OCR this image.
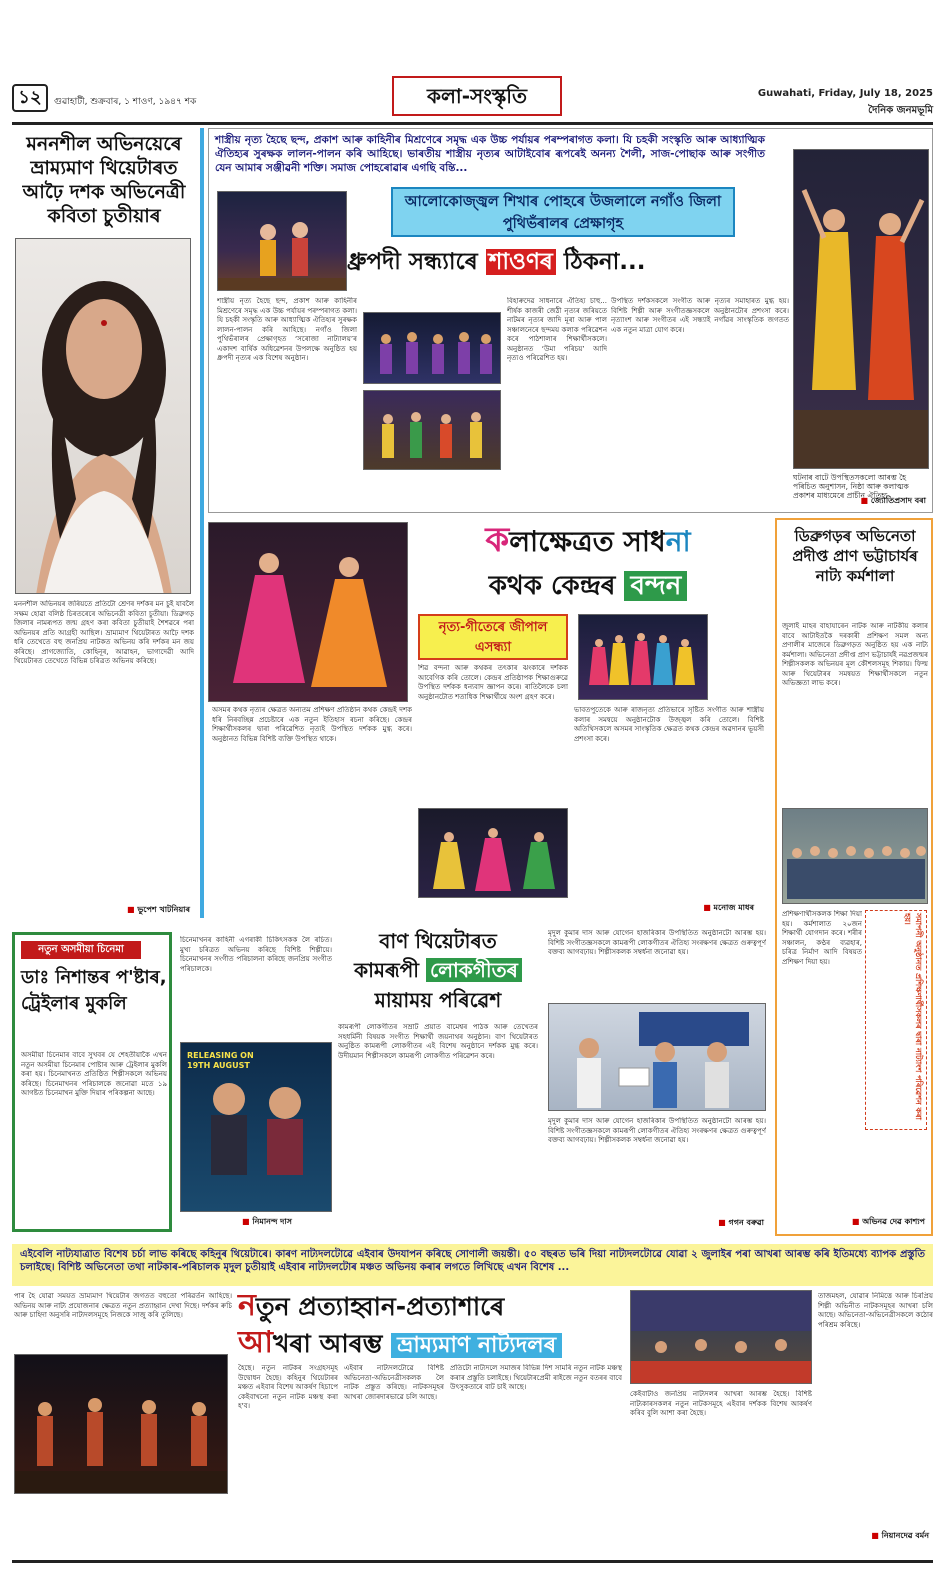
১২	গুৱাহাটী, শুক্ৰবাৰ, ১ শাওণ, ১৯৪৭ শক	কলা-সংস্কৃতি	Guwahati, Friday, July 18, 2025
দৈনিক জনমভূমি
মননশীল অভিনয়েৰে ভ্ৰাম্যমাণ থিয়েটাৰত আঢ়ৈ দশক অভিনেত্ৰী কবিতা চুতীয়াৰ
মননশীল অভিনয়ৰ জৰিয়তে প্ৰতিটো শ্ৰেণৰ দৰ্শকৰ মন চুই যাবলৈ সক্ষম হোৱা বলিষ্ঠ চিৰতৰেৰে অভিনেত্ৰী কবিতা চুতীয়া। ডিব্ৰুগড় জিলাৰ নামৰূপত জন্ম গ্ৰহণ কৰা কবিতা চুতীয়াই শৈশৱৰে পৰা অভিনয়ৰ প্ৰতি আগ্ৰহী আছিল। ভ্ৰাম্যমাণ থিয়েটাৰত আঢ়ৈ দশক ধৰি তেখেতে বহু জনপ্ৰিয় নাটকত অভিনয় কৰি দৰ্শকৰ মন জয় কৰিছে। প্ৰাগজ্যোতি, কোহিনূৰ, আৱাহন, ভাগ্যদেৱী আদি থিয়েটাৰত তেখেতে বিভিন্ন চৰিত্ৰত অভিনয় কৰিছে।
■ ভুপেশ খাটনিয়াৰ
শাস্ত্ৰীয় নৃত্য হৈছে ছন্দ, প্ৰকাশ আৰু কাহিনীৰ মিশ্ৰণেৰে সমৃদ্ধ এক উচ্চ পৰ্যায়ৰ পৰম্পৰাগত কলা। যি চহকী সংস্কৃতি আৰু আধ্যাত্মিক ঐতিহ্যৰ সুৰক্ষক লালন-পালন কৰি আহিছে। ভাৰতীয় শাস্ত্ৰীয় নৃত্যৰ আটাইবোৰ ৰূপৰেই অনন্য শৈলী, সাজ-পোছাক আৰু সংগীত যেন আমাৰ সঞ্জীৱনী শক্তি। সমাজ পোহৰোৱাৰ এগছি বন্তি...
আলোকোজ্জ্বল শিখাৰ পোহৰে উজলালে নগাঁও জিলা পুথিভঁৰালৰ প্ৰেক্ষাগৃহ
ধ্ৰুপদী সন্ধ্যাৰে শাওণৰ ঠিকনা...
শাস্ত্ৰীয় নৃত্য হৈছে ছন্দ, প্ৰকাশ আৰু কাহিনীৰ মিশ্ৰণেৰে সমৃদ্ধ এক উচ্চ পৰ্যায়ৰ পৰম্পৰাগত কলা। যি চহকী সংস্কৃতি আৰু আধ্যাত্মিক ঐতিহ্যৰ সুৰক্ষক লালন-পালন কৰি আহিছে। নগাঁও জিলা পুথিভঁৰালৰ প্ৰেক্ষাগৃহত ‘সৰোজা নাট্যালয়’ৰ একাদশ বাৰ্ষিক অধিৱেশনৰ উপলক্ষে অনুষ্ঠিত হয় ধ্ৰুপদী নৃত্যৰ এক বিশেষ অনুষ্ঠান।
বিহাৰুদেৱ সাধনাৰে ঐতিহ্য চাহু... শীৰ্ষক কাজৰী জেঠী নৃত্যৰ জৰিয়তে নাটমৰ নৃত্যৰ জাদি মূৰা আৰু পাল সঞ্চালনেৰে ছন্দময় কলাক পৰিৱেশন কৰে পাঠশালাৰ শিক্ষাৰ্থীসকলে। অনুষ্ঠানত ‘উমা পৰিচয়’ আদি নৃত্যও পৰিৱেশিত হয়।
উপস্থিত দৰ্শকসকলে সংগীত আৰু নৃত্যৰ সমাহাৰত মুগ্ধ হয়। বিশিষ্ট শিল্পী আৰু সংগীতজ্ঞসকলে অনুষ্ঠানটোৰ প্ৰশংসা কৰে। নৃত্যাংশ আৰু সংগীতৰ এই সন্ধ্যাই নগাঁৱৰ সাংস্কৃতিক জগতত এক নতুন মাত্ৰা যোগ কৰে।
ঘটনাৰ বাটে উপস্থিতসকলো আৰম্ভ হৈ পৰিচিত অনুশাসন, নিষ্ঠা আৰু কলাত্মক প্ৰকাশৰ মাধ্যমেৰে প্ৰাচীন ঐতিহ্য
■ জ্যোতিপ্ৰসাদ বৰা
কলাক্ষেত্ৰত সাধনা
কথক কেন্দ্ৰৰ বন্দন
নৃত্য-গীতেৰে জীপাল এসন্ধ্যা
অসমৰ কথক নৃত্যৰ ক্ষেত্ৰত অন্যতম প্ৰশিক্ষণ প্ৰতিষ্ঠান কথক কেন্দ্ৰই দশক ধৰি নিৰবচ্ছিন্ন প্ৰচেষ্টাৰে এক নতুন ইতিহাস ৰচনা কৰিছে। কেন্দ্ৰৰ শিক্ষাৰ্থীসকলৰ দ্বাৰা পৰিৱেশিত নৃত্যই উপস্থিত দৰ্শকক মুগ্ধ কৰে। অনুষ্ঠানত বিভিন্ন বিশিষ্ট ব্যক্তি উপস্থিত থাকে।
শিৱ বন্দনা আৰু কথকৰ তৎকাৰ ঝংকাৰে দৰ্শকক আবেগিক কৰি তোলে। কেন্দ্ৰৰ প্ৰতিষ্ঠাপক শিক্ষাগুৰুৱে উপস্থিত দৰ্শকক ধন্যবাদ জ্ঞাপন কৰে। ৰাতিলৈকে চলা অনুষ্ঠানটোত শতাধিক শিক্ষাৰ্থীয়ে অংশ গ্ৰহণ কৰে।
ভাবতপুতেকে আৰু ৰাজনৃত্য প্ৰতিভাৰে সৃষ্টিত সংগীত আৰু শাস্ত্ৰীয় কলাৰ সমন্বয়ে অনুষ্ঠানটোক উজ্জ্বল কৰি তোলে। বিশিষ্ট অতিথিসকলে অসমৰ সাংস্কৃতিক ক্ষেত্ৰত কথক কেন্দ্ৰৰ অৱদানৰ ভূয়সী প্ৰশংসা কৰে।
■ মনোজ মাধৰ
ডিব্ৰুগড়ৰ অভিনেতা প্ৰদীপ্ত প্ৰাণ ভট্টাচাৰ্যৰ নাট্য কৰ্মশালা
জুলাই মাহৰ বাহাযাৰেন নাটক আৰু নাটকীয় কলাৰ বাবে আটাইতকৈ দৰকাৰী প্ৰশিক্ষণ সমল অন্য প্ৰণালীৰ মাজেৰে ডিব্ৰুগড়ত অনুষ্ঠিত হয় এক নাট্য কৰ্মশালা। অভিনেতা প্ৰদীপ্ত প্ৰাণ ভট্টাচাৰ্যই নৱপ্ৰজন্মৰ শিল্পীসকলক অভিনয়ৰ মূল কৌশলসমূহ শিকায়। ফিল্ম আৰু থিয়েটাৰৰ সমন্বয়ত শিক্ষাৰ্থীসকলে নতুন অভিজ্ঞতা লাভ কৰে।
প্ৰশিক্ষণাৰ্থীসকলক শিক্ষা দিয়া হয়। কৰ্মশালাত ২০জন শিক্ষাৰ্থী যোগদান কৰে। শৰীৰ সঞ্চালন, কণ্ঠৰ ব্যৱহাৰ, চৰিত্ৰ নিৰ্মাণ আদি বিষয়ত প্ৰশিক্ষণ দিয়া হয়।	সমাপনী অনুষ্ঠানত প্ৰশিক্ষণাৰ্থীসকলৰ দ্বাৰা নাট্যাংশ পৰিৱেশন কৰা হয়।
■ অভিনৱ দেৱ কাশ্যপ
নতুন অসমীয়া চিনেমা
ডাঃ নিশান্তৰ প'ষ্টাৰ, ট্ৰেইলাৰ মুকলি
অসমীয়া চিনেমাৰ বাবে সুখবৰ যে শেহতীয়াকৈ এখন নতুন অসমীয়া চিনেমাৰ পোষ্টাৰ আৰু ট্ৰেইলাৰ মুকলি কৰা হয়। চিনেমাখনত প্ৰতিষ্ঠিত শিল্পীসকলে অভিনয় কৰিছে। চিনেমাখনৰ পৰিচালকে জনোৱা মতে ১৯ আগষ্টত চিনেমাখন মুক্তি দিয়াৰ পৰিকল্পনা আছে।
চিনেমাখনৰ কাহিনী এগৰাকী চিকিৎসকক লৈ ৰচিত। মুখ্য চৰিত্ৰত অভিনয় কৰিছে বিশিষ্ট শিল্পীয়ে। চিনেমাখনৰ সংগীত পৰিচালনা কৰিছে জনপ্ৰিয় সংগীত পৰিচালকে।
RELEASING ON 19TH AUGUST
■ নিমানন্দ দাস
বাণ থিয়েটাৰত
কামৰূপী লোকগীতৰ
মায়াময় পৰিৱেশ
কামৰূপী লোকগীতৰ সম্ৰাট প্ৰয়াত বামেশ্বৰ পাঠক আৰু তেখেতৰ সহধৰ্মিনী বিষয়ক সংগীত শিক্ষাৰ্থী জয়নাথৰ অনুষ্ঠান। বাণ থিয়েটাৰত অনুষ্ঠিত কামৰূপী লোকগীতৰ এই বিশেষ অনুষ্ঠানে দৰ্শকক মুগ্ধ কৰে। উদীয়মান শিল্পীসকলে কামৰূপী লোকগীত পৰিৱেশন কৰে।
মৃদুল কুমাৰ দাস আৰু যোগেন হাজৰিকাৰ উপস্থিতিত অনুষ্ঠানটো আৰম্ভ হয়। বিশিষ্ট সংগীতজ্ঞসকলে কামৰূপী লোকগীতৰ ঐতিহ্য সংৰক্ষণৰ ক্ষেত্ৰত গুৰুত্বপূৰ্ণ বক্তব্য আগবঢ়ায়। শিল্পীসকলক সম্বৰ্ধনা জনোৱা হয়।
মৃদুল কুমাৰ দাস আৰু যোগেন হাজৰিকাৰ উপস্থিতিত অনুষ্ঠানটো আৰম্ভ হয়। বিশিষ্ট সংগীতজ্ঞসকলে কামৰূপী লোকগীতৰ ঐতিহ্য সংৰক্ষণৰ ক্ষেত্ৰত গুৰুত্বপূৰ্ণ বক্তব্য আগবঢ়ায়। শিল্পীসকলক সম্বৰ্ধনা জনোৱা হয়।
■ গগন বৰুৱা
এইবেলি নাট্যযাত্ৰাত বিশেষ চৰ্চা লাভ কৰিছে কহিনুৰ থিয়েটাৰে। কাৰণ নাট্যদলটোৱে এইবাৰ উদযাপন কৰিছে সোণালী জয়ন্তী। ৫০ বছৰত ভৰি দিয়া নাট্যদলটোৱে যোৱা ২ জুলাইৰ পৰা আখৰা আৰম্ভ কৰি ইতিমধ্যে ব্যাপক প্ৰস্তুতি চলাইছে। বিশিষ্ট অভিনেতা তথা নাটকাৰ-পৰিচালক মৃদুল চুতীয়াই এইবাৰ নাট্যদলটোৰ মঞ্চত অভিনয় কৰাৰ লগতে লিখিছে এখন বিশেষ ...
পাৰ হৈ যোৱা সময়ত ভ্ৰাম্যমাণ থিয়েটাৰ জগতত বহুতো পৰিৱৰ্তন আহিছে। অভিনয় আৰু নাট্য প্ৰযোজনাৰ ক্ষেত্ৰত নতুন প্ৰত্যাহ্বান দেখা দিছে। দৰ্শকৰ ৰুচি আৰু চাহিদা অনুসৰি নাট্যদলসমূহে নিজকে সাজু কৰি তুলিছে।	নতুন প্ৰত্যাহ্বান-প্ৰত্যাশাৰে
আখৰা আৰম্ভ ভ্ৰাম্যমাণ নাট্যদলৰ
হৈছে। নতুন নাটকৰ সংগ্ৰহসমূহ উদ্বোধন হৈছে। কহিনুৰ থিয়েটাৰৰ মঞ্চত এইবাৰ বিশেষ আকৰ্ষণ হিচাপে কেইবাখনো নতুন নাটক মঞ্চস্থ কৰা হ'ব।
এইবাৰ নাট্যদলটোৱে বিশিষ্ট অভিনেতা-অভিনেত্ৰীসকলক লৈ নাটক প্ৰস্তুত কৰিছে। নাটকসমূহৰ আখৰা জোৰদাৰভাৱে চলি আছে।
প্ৰতিটো নাট্যদলে সমাজৰ বিভিন্ন দিশ সামৰি নতুন নাটক মঞ্চস্থ কৰাৰ প্ৰস্তুতি চলাইছে। থিয়েটাৰপ্ৰেমী ৰাইজে নতুন বতৰৰ বাবে উৎসুকতাৰে বাট চাই আছে।
কেইবাটাও জনপ্ৰিয় নাট্যদলৰ আখৰা আৰম্ভ হৈছে। বিশিষ্ট নাট্যকাৰসকলৰ নতুন নাটকসমূহে এইবাৰ দৰ্শকক বিশেষ আকৰ্ষণ কৰিব বুলি আশা কৰা হৈছে।
তাজমহল, যোৱাৰ নিমিত্তে আৰু চিৰপ্ৰিয় শিল্পী অভিনীত নাটকসমূহৰ আখৰা চলি আছে। অভিনেতা-অভিনেত্ৰীসকলে কঠোৰ পৰিশ্ৰম কৰিছে।
■ নিয়ানদেৱ বৰ্মন
